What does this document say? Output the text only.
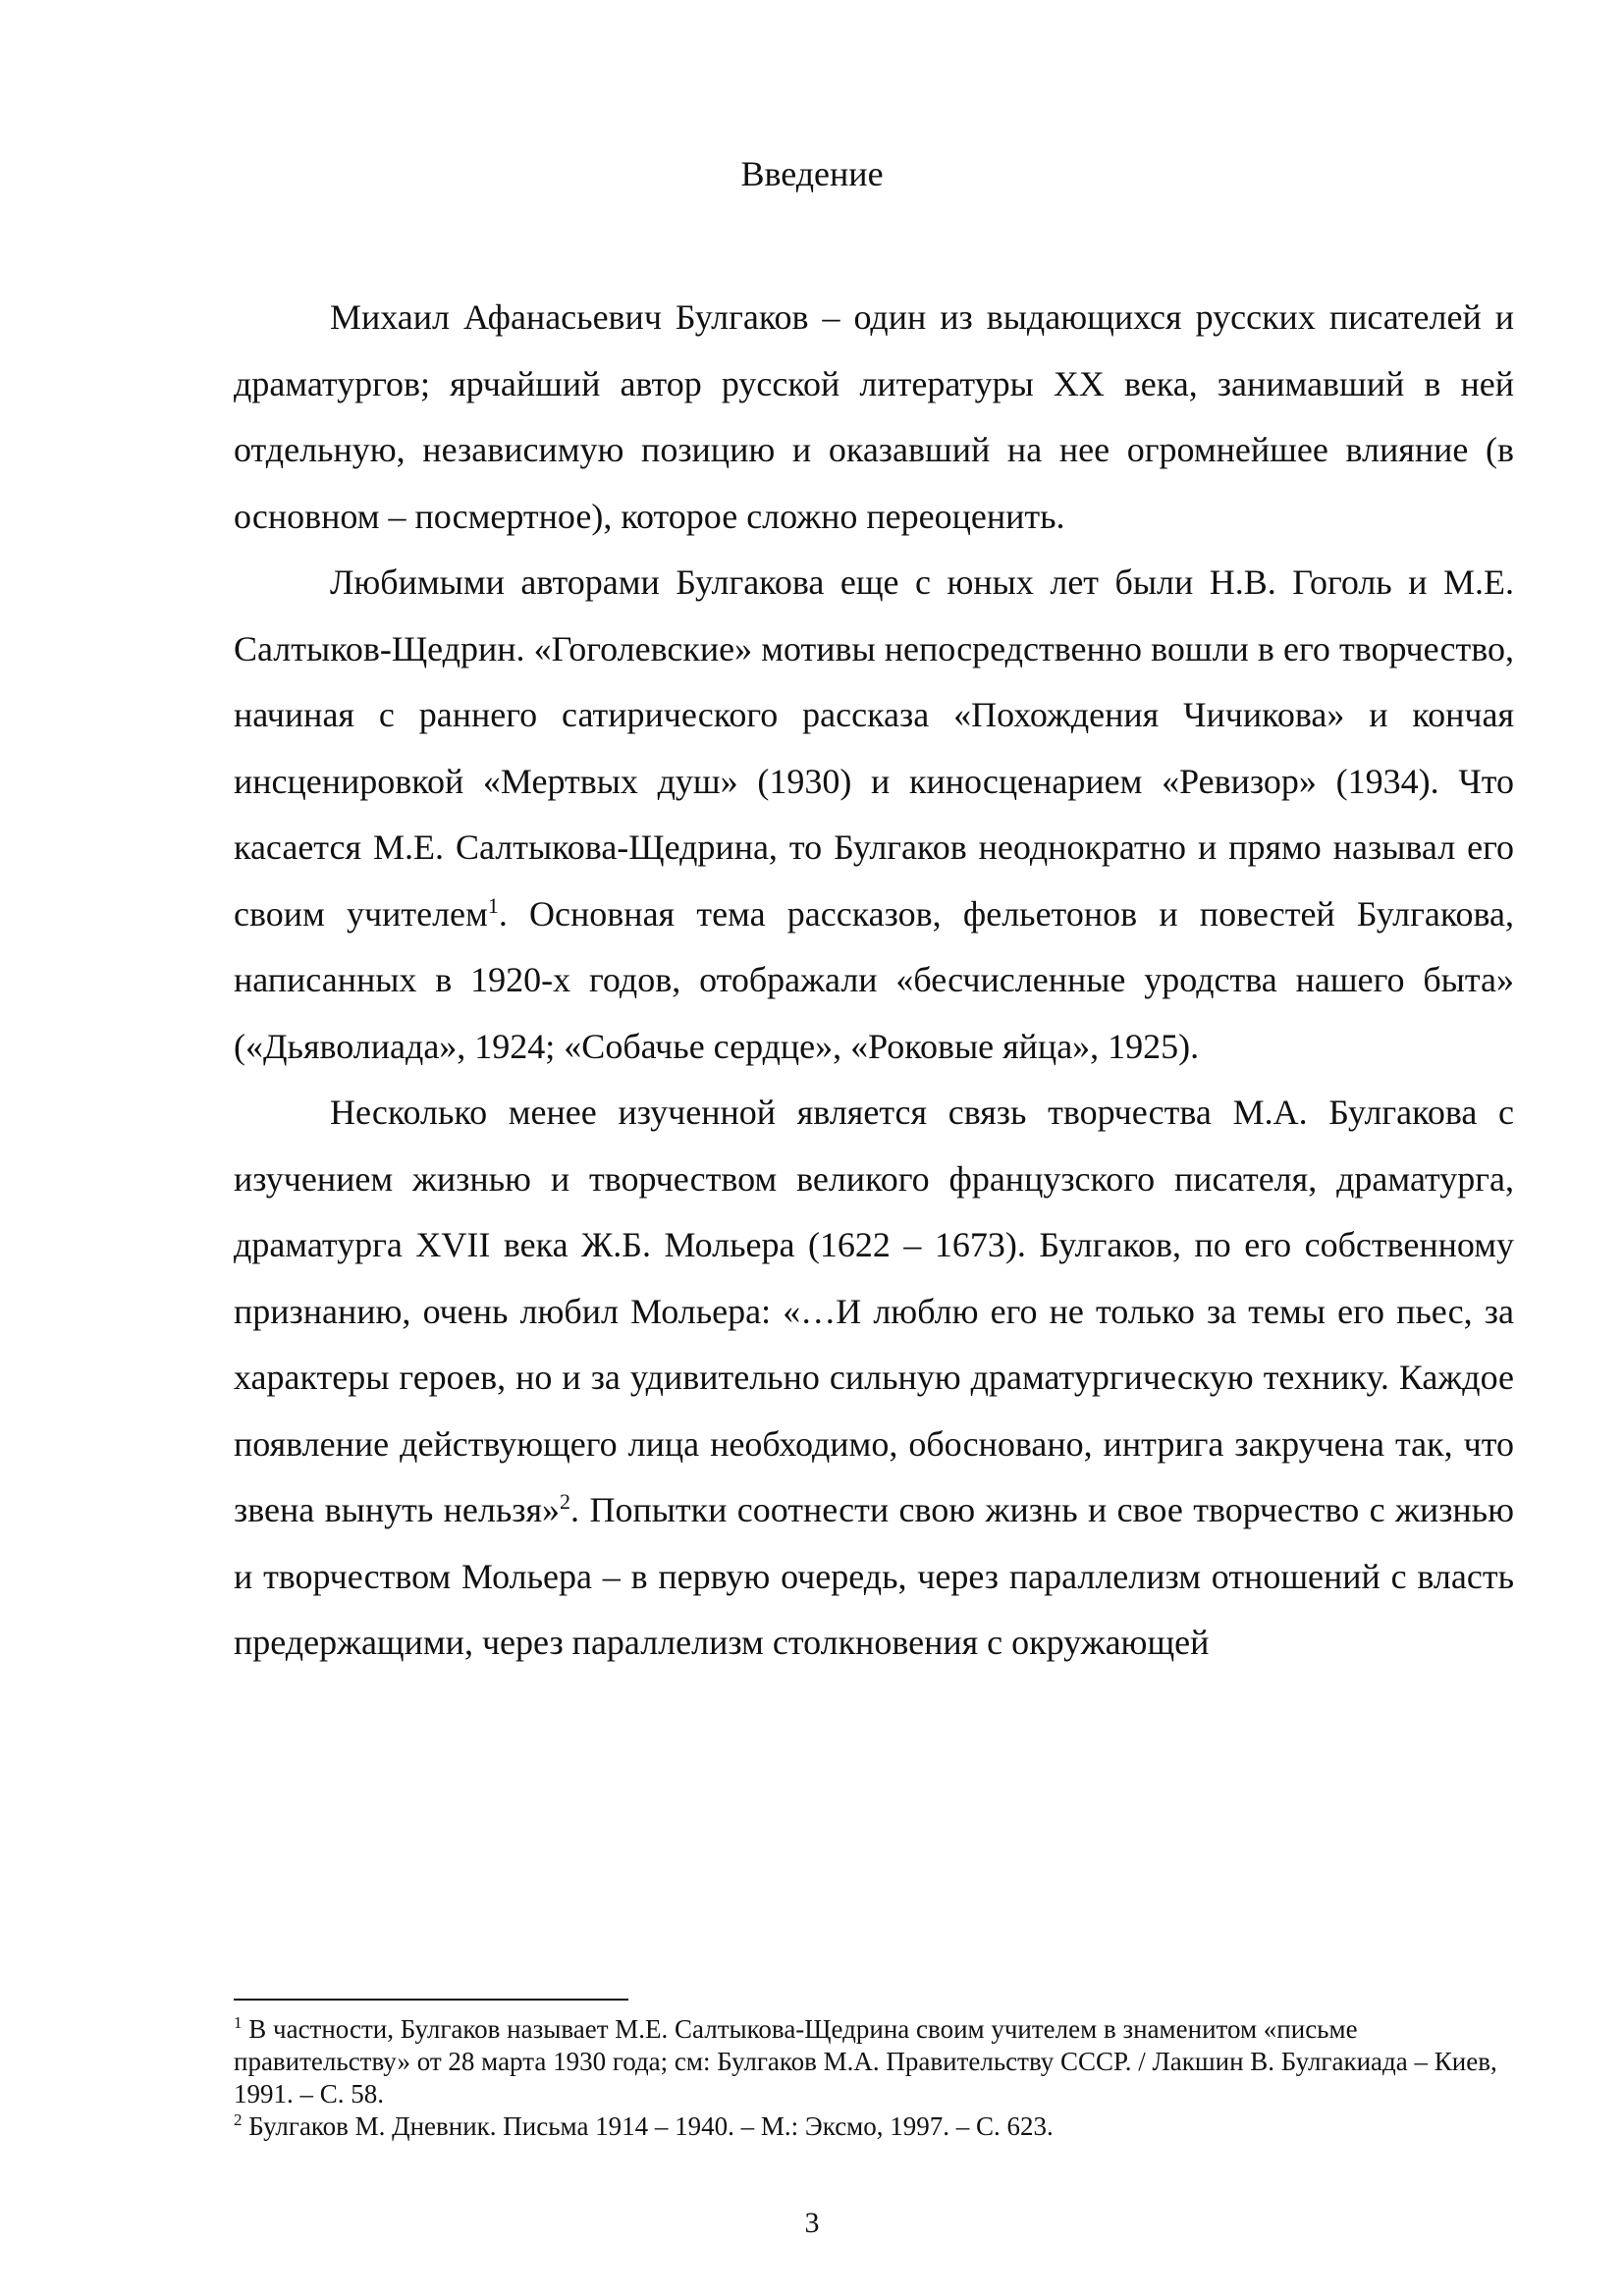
Введение

Михаил Афанасьевич Булгаков – один из выдающихся русских писателей и драматургов; ярчайший автор русской литературы XX века, занимавший в ней отдельную, независимую позицию и оказавший на нее огромнейшее влияние (в основном – посмертное), которое сложно переоценить.

Любимыми авторами Булгакова еще с юных лет были Н.В. Гоголь и М.Е. Салтыков-Щедрин. «Гоголевские» мотивы непосредственно вошли в его творчество, начиная с раннего сатирического рассказа «Похождения Чичикова» и кончая инсценировкой «Мертвых душ» (1930) и киносценарием «Ревизор» (1934). Что касается М.Е. Салтыкова-Щедрина, то Булгаков неоднократно и прямо называл его своим учителем$^1$. Основная тема рассказов, фельетонов и повестей Булгакова, написанных в 1920-х годов, отображали «бесчисленные уродства нашего быта» («Дьяволиада», 1924; «Собачье сердце», «Роковые яйца», 1925).

Несколько менее изученной является связь творчества М.А. Булгакова с изучением жизнью и творчеством великого французского писателя, драматурга, драматурга XVII века Ж.Б. Мольера (1622 – 1673). Булгаков, по его собственному признанию, очень любил Мольера: «…И люблю его не только за темы его пьес, за характеры героев, но и за удивительно сильную драматургическую технику. Каждое появление действующего лица необходимо, обосновано, интрига закручена так, что звена вынуть нельзя»$^2$. Попытки соотнести свою жизнь и свое творчество с жизнью и творчеством Мольера – в первую очередь, через параллелизм отношений с власть предержащими, через параллелизм столкновения с окружающей

$^1$ В частности, Булгаков называет М.Е. Салтыкова-Щедрина своим учителем в знаменитом «письме правительству» от 28 марта 1930 года; см: Булгаков М.А. Правительству СССР. / Лакшин В. Булгакиада – Киев, 1991. – С. 58.

$^2$ Булгаков М. Дневник. Письма 1914 – 1940. – М.: Эксмо, 1997. – С. 623.

3
